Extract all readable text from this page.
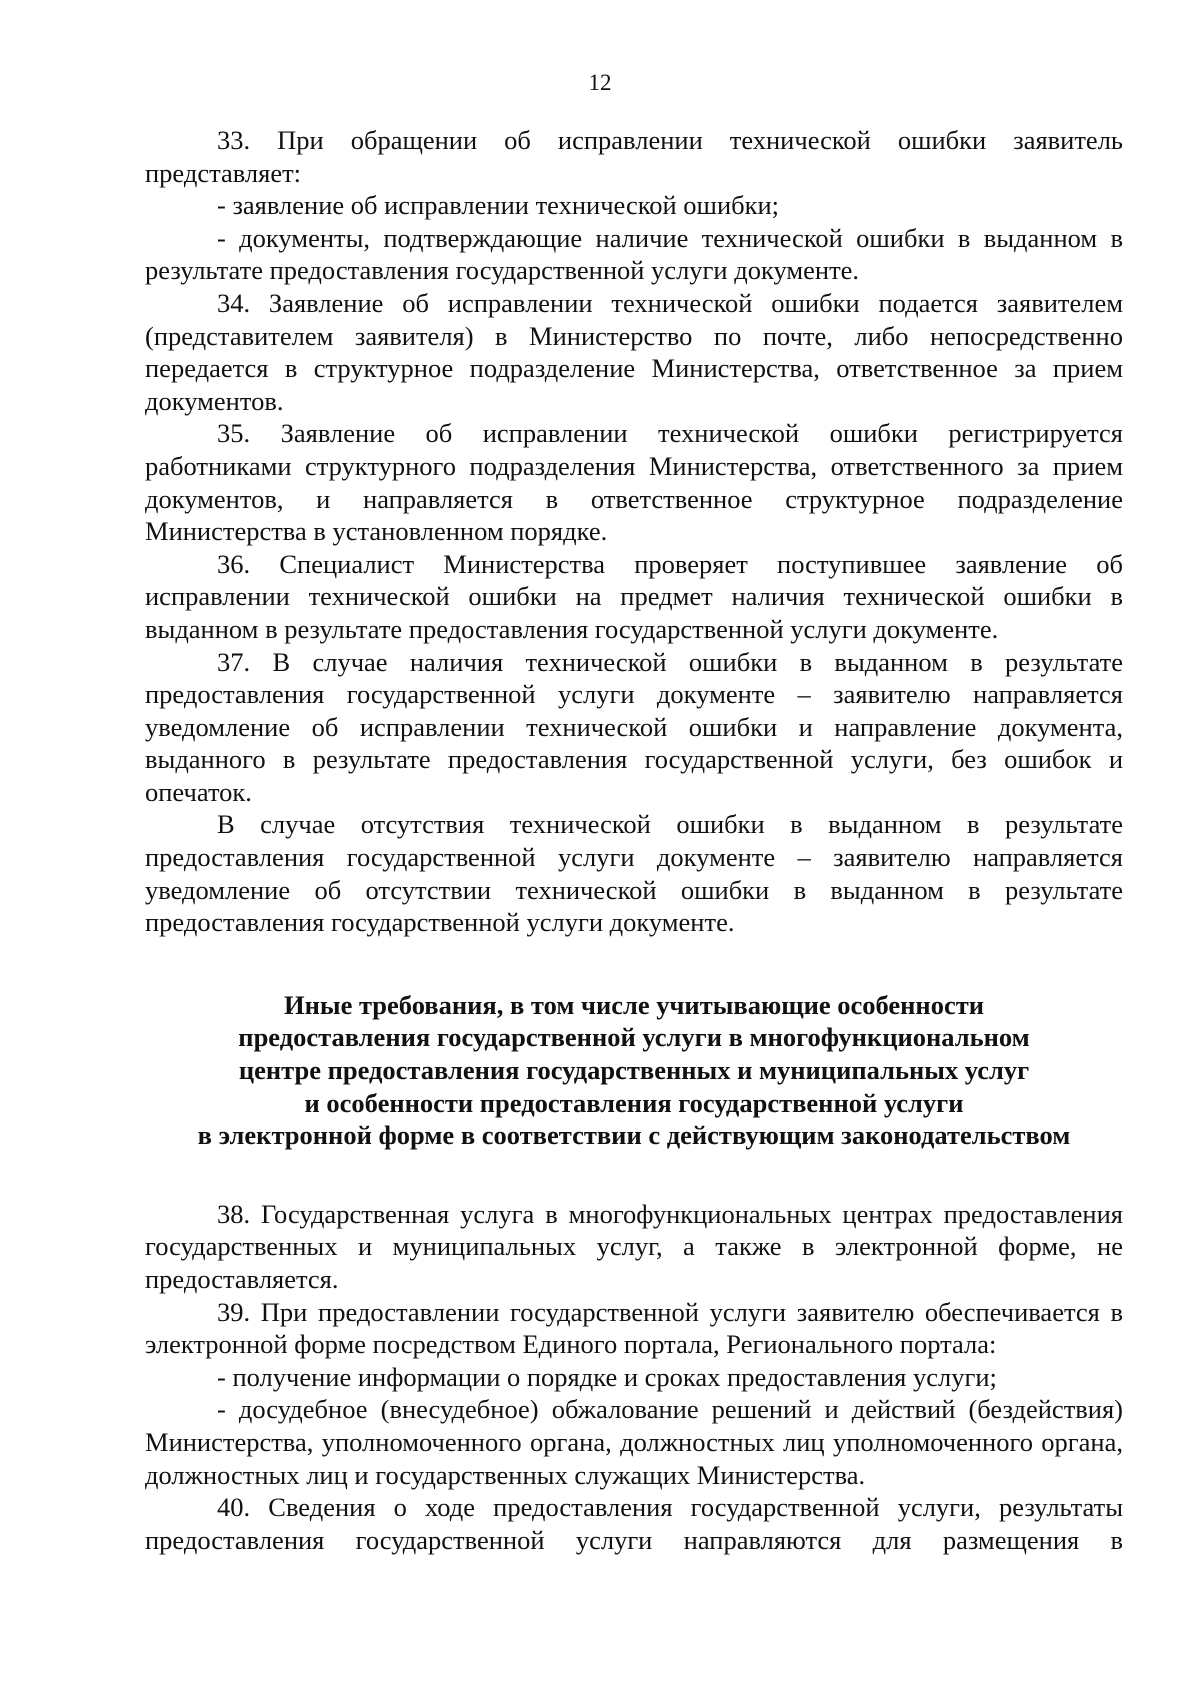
12

33. При обращении об исправлении технической ошибки заявитель представляет:

- заявление об исправлении технической ошибки;

- документы, подтверждающие наличие технической ошибки в выданном в результате предоставления государственной услуги документе.

34. Заявление об исправлении технической ошибки подается заявителем (представителем заявителя) в Министерство по почте, либо непосредственно передается в структурное подразделение Министерства, ответственное за прием документов.

35. Заявление об исправлении технической ошибки регистрируется работниками структурного подразделения Министерства, ответственного за прием документов, и направляется в ответственное структурное подразделение Министерства в установленном порядке.

36. Специалист Министерства проверяет поступившее заявление об исправлении технической ошибки на предмет наличия технической ошибки в выданном в результате предоставления государственной услуги документе.

37. В случае наличия технической ошибки в выданном в результате предоставления государственной услуги документе – заявителю направляется уведомление об исправлении технической ошибки и направление документа, выданного в результате предоставления государственной услуги, без ошибок и опечаток.

В случае отсутствия технической ошибки в выданном в результате предоставления государственной услуги документе – заявителю направляется уведомление об отсутствии технической ошибки в выданном в результате предоставления государственной услуги документе.

Иные требования, в том числе учитывающие особенности
предоставления государственной услуги в многофункциональном
центре предоставления государственных и муниципальных услуг
и особенности предоставления государственной услуги
в электронной форме в соответствии с действующим законодательством

38. Государственная услуга в многофункциональных центрах предоставления государственных и муниципальных услуг, а также в электронной форме, не предоставляется.

39. При предоставлении государственной услуги заявителю обеспечивается в электронной форме посредством Единого портала, Регионального портала:

- получение информации о порядке и сроках предоставления услуги;

- досудебное (внесудебное) обжалование решений и действий (бездействия) Министерства, уполномоченного органа, должностных лиц уполномоченного органа, должностных лиц и государственных служащих Министерства.

40. Сведения о ходе предоставления государственной услуги, результаты предоставления государственной услуги направляются для размещения в
